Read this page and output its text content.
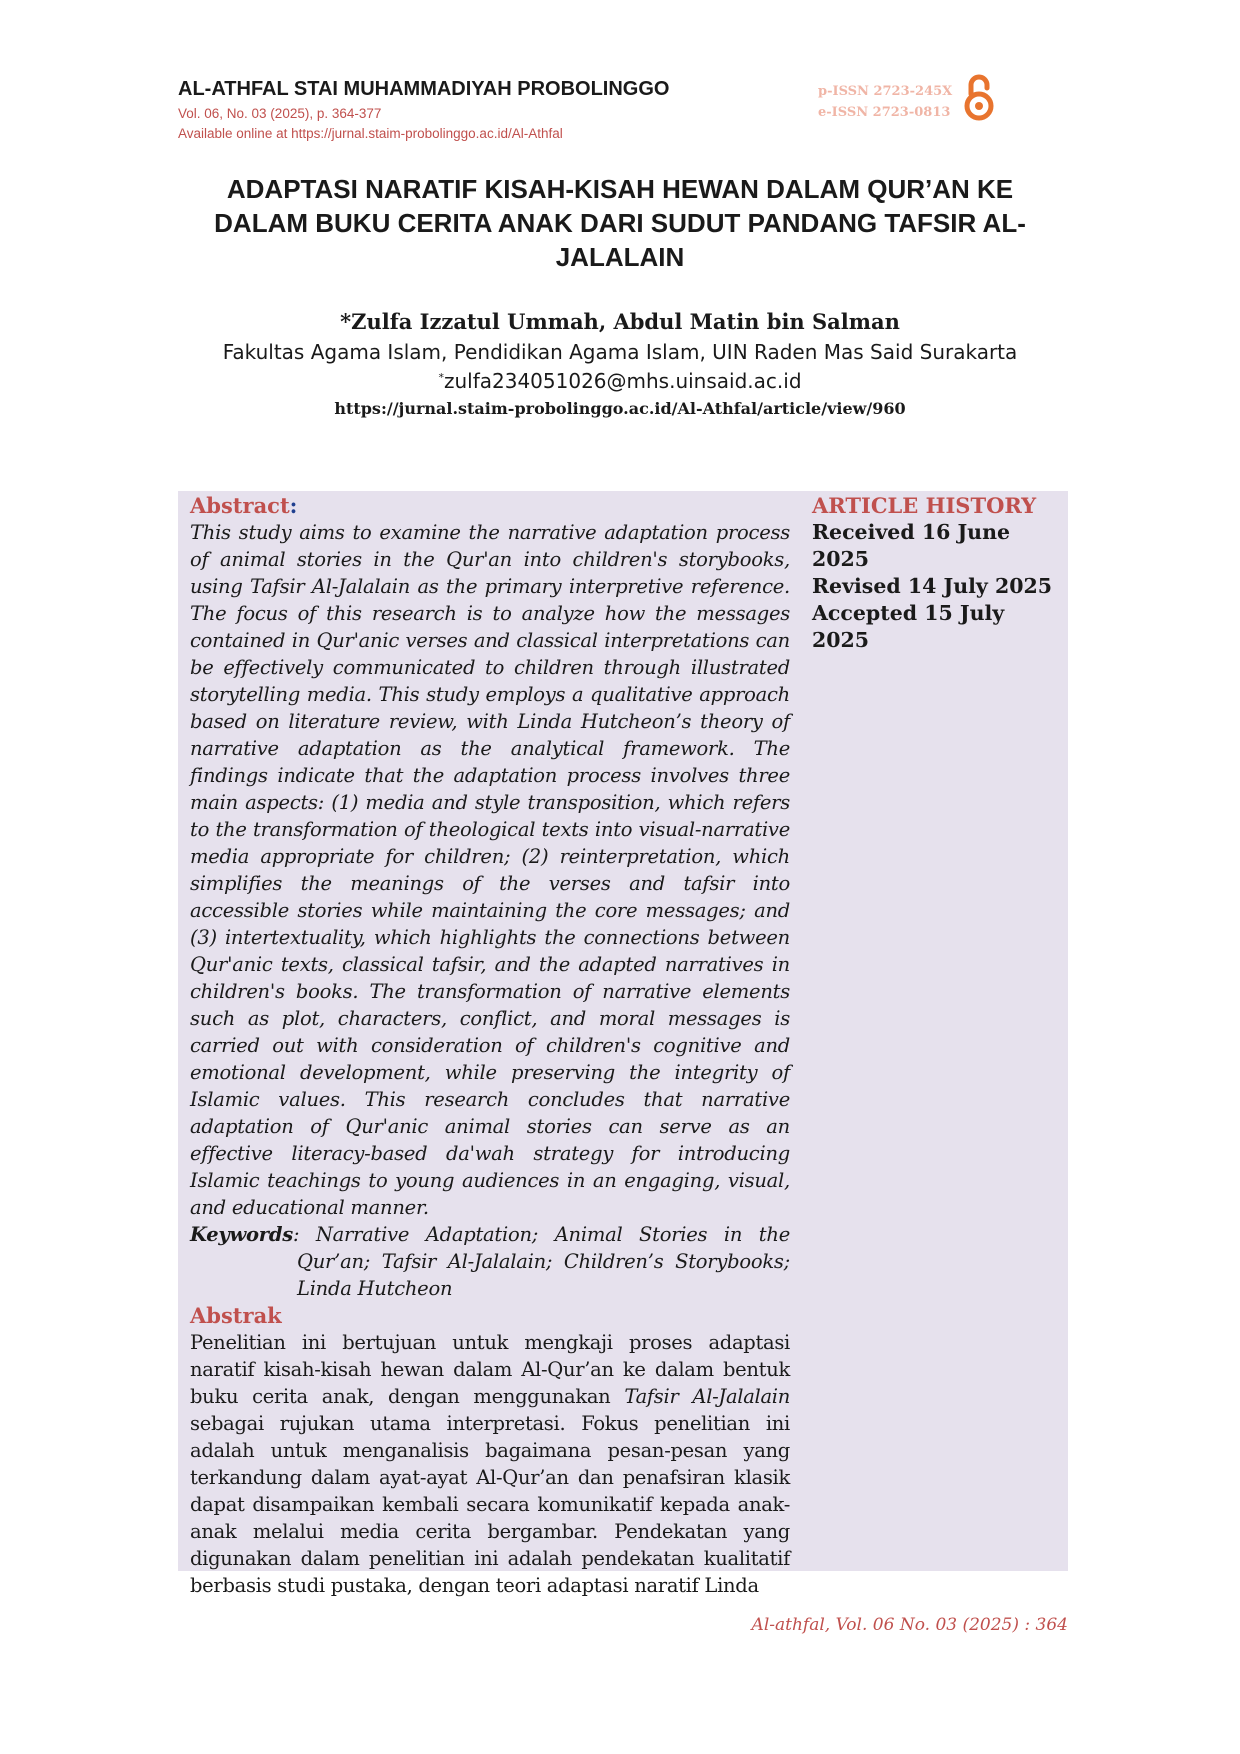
AL-ATHFAL STAI MUHAMMADIYAH PROBOLINGGO
Vol. 06, No. 03 (2025), p. 364-377
Available online at https://jurnal.staim-probolinggo.ac.id/Al-Athfal
p-ISSN 2723-245X
e-ISSN 2723-0813
ADAPTASI NARATIF KISAH-KISAH HEWAN DALAM QUR’AN KE
DALAM BUKU CERITA ANAK DARI SUDUT PANDANG TAFSIR AL-
JALALAIN
*Zulfa Izzatul Ummah, Abdul Matin bin Salman
Fakultas Agama Islam, Pendidikan Agama Islam, UIN Raden Mas Said Surakarta
*zulfa234051026@mhs.uinsaid.ac.id
https://jurnal.staim-probolinggo.ac.id/Al-Athfal/article/view/960
Abstract:
This study aims to examine the narrative adaptation process of animal stories in the Qur'an into children's storybooks, using Tafsir Al-Jalalain as the primary interpretive reference. The focus of this research is to analyze how the messages contained in Qur'anic verses and classical interpretations can be effectively communicated to children through illustrated storytelling media. This study employs a qualitative approach based on literature review, with Linda Hutcheon’s theory of narrative adaptation as the analytical framework. The findings indicate that the adaptation process involves three main aspects: (1) media and style transposition, which refers to the transformation of theological texts into visual-narrative media appropriate for children; (2) reinterpretation, which simplifies the meanings of the verses and tafsir into accessible stories while maintaining the core messages; and (3) intertextuality, which highlights the connections between Qur'anic texts, classical tafsir, and the adapted narratives in children's books. The transformation of narrative elements such as plot, characters, conflict, and moral messages is carried out with consideration of children's cognitive and emotional development, while preserving the integrity of Islamic values. This research concludes that narrative adaptation of Qur'anic animal stories can serve as an effective literacy-based da'wah strategy for introducing Islamic teachings to young audiences in an engaging, visual, and educational manner.
Keywords: Narrative Adaptation; Animal Stories in the Qur’an; Tafsir Al-Jalalain; Children’s Storybooks; Linda Hutcheon
Abstrak
Penelitian ini bertujuan untuk mengkaji proses adaptasi naratif kisah-kisah hewan dalam Al-Qur’an ke dalam bentuk buku cerita anak, dengan menggunakan Tafsir Al-Jalalain sebagai rujukan utama interpretasi. Fokus penelitian ini adalah untuk menganalisis bagaimana pesan-pesan yang terkandung dalam ayat-ayat Al-Qur’an dan penafsiran klasik dapat disampaikan kembali secara komunikatif kepada anak-anak melalui media cerita bergambar. Pendekatan yang digunakan dalam penelitian ini adalah pendekatan kualitatif berbasis studi pustaka, dengan teori adaptasi naratif Linda
ARTICLE HISTORY
Received 16 June 2025
Revised 14 July 2025
Accepted 15 July 2025
Al-athfal, Vol. 06 No. 03 (2025) : 364
